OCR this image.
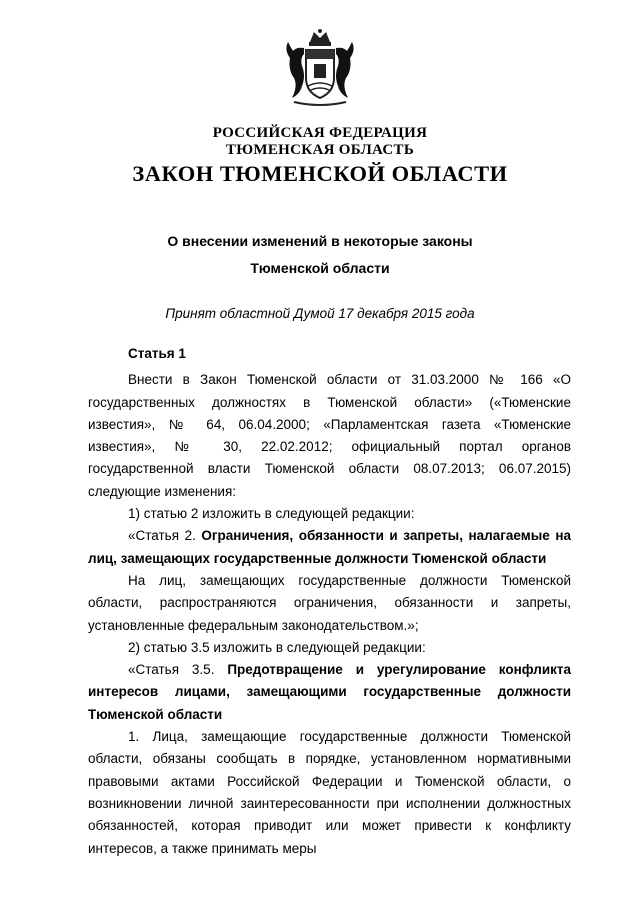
РОССИЙСКАЯ ФЕДЕРАЦИЯ
ТЮМЕНСКАЯ ОБЛАСТЬ
ЗАКОН ТЮМЕНСКОЙ ОБЛАСТИ
О внесении изменений в некоторые законы
Тюменской области
Принят областной Думой 17 декабря 2015 года

Статья 1

Внести в Закон Тюменской области от 31.03.2000 № 166 «О государственных должностях в Тюменской области» («Тюменские известия», № 64, 06.04.2000; «Парламентская газета «Тюменские известия», № 30, 22.02.2012; официальный портал органов государственной власти Тюменской области 08.07.2013; 06.07.2015) следующие изменения:

1) статью 2 изложить в следующей редакции:

«Статья 2. Ограничения, обязанности и запреты, налагаемые на лиц, замещающих государственные должности Тюменской области

На лиц, замещающих государственные должности Тюменской области, распространяются ограничения, обязанности и запреты, установленные федеральным законодательством.»;

2) статью 3.5 изложить в следующей редакции:

«Статья 3.5. Предотвращение и урегулирование конфликта интересов лицами, замещающими государственные должности Тюменской области

1. Лица, замещающие государственные должности Тюменской области, обязаны сообщать в порядке, установленном нормативными правовыми актами Российской Федерации и Тюменской области, о возникновении личной заинтересованности при исполнении должностных обязанностей, которая приводит или может привести к конфликту интересов, а также принимать меры
